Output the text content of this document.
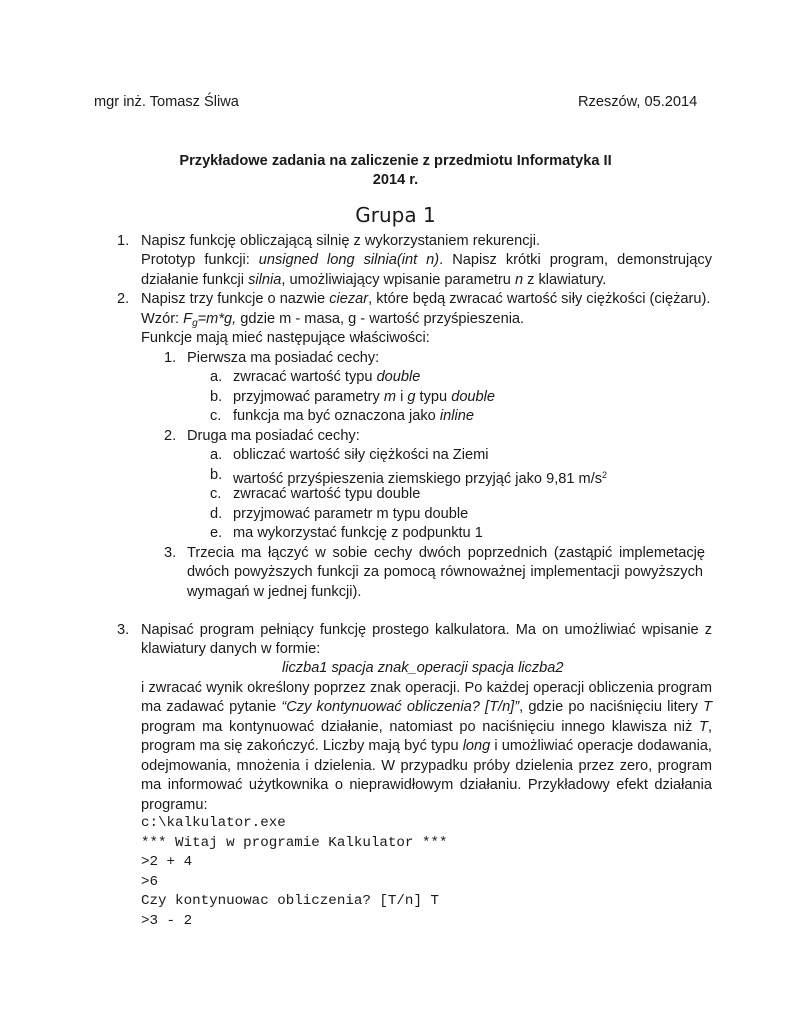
mgr inż. Tomasz Śliwa	Rzeszów, 05.2014
Przykładowe zadania na zaliczenie z przedmiotu Informatyka II
2014 r.
Grupa 1
1. Napisz funkcję obliczającą silnię z wykorzystaniem rekurencji.
Prototyp funkcji: unsigned long silnia(int n). Napisz krótki program, demonstrujący
działanie funkcji silnia, umożliwiający wpisanie parametru n z klawiatury.
2. Napisz trzy funkcje o nazwie ciezar, które będą zwracać wartość siły ciężkości (ciężaru).
Wzór: $F_g=m*g$, gdzie m - masa, g - wartość przyśpieszenia.
Funkcje mają mieć następujące właściwości:
1. Pierwsza ma posiadać cechy:
a. zwracać wartość typu double
b. przyjmować parametry m i g typu double
c. funkcja ma być oznaczona jako inline
2. Druga ma posiadać cechy:
a. obliczać wartość siły ciężkości na Ziemi
b. wartość przyśpieszenia ziemskiego przyjąć jako 9,81 $m/s^2$
c. zwracać wartość typu double
d. przyjmować parametr m typu double
e. ma wykorzystać funkcję z podpunktu 1
3. Trzecia ma łączyć w sobie cechy dwóch poprzednich (zastąpić implemetację
dwóch powyższych funkcji za pomocą równoważnej implementacji powyższych
wymagań w jednej funkcji).
3. Napisać program pełniący funkcję prostego kalkulatora. Ma on umożliwiać wpisanie z
klawiatury danych w formie:
liczba1 spacja znak_operacji spacja liczba2
i zwracać wynik określony poprzez znak operacji. Po każdej operacji obliczenia program
ma zadawać pytanie “Czy kontynuować obliczenia? [T/n]”, gdzie po naciśnięciu litery T
program ma kontynuować działanie, natomiast po naciśnięciu innego klawisza niż T,
program ma się zakończyć. Liczby mają być typu long i umożliwiać operacje dodawania,
odejmowania, mnożenia i dzielenia. W przypadku próby dzielenia przez zero, program
ma informować użytkownika o nieprawidłowym działaniu. Przykładowy efekt działania
programu:
c:\kalkulator.exe
*** Witaj w programie Kalkulator ***
>2 + 4
>6
Czy kontynuowac obliczenia? [T/n] T
>3 - 2
